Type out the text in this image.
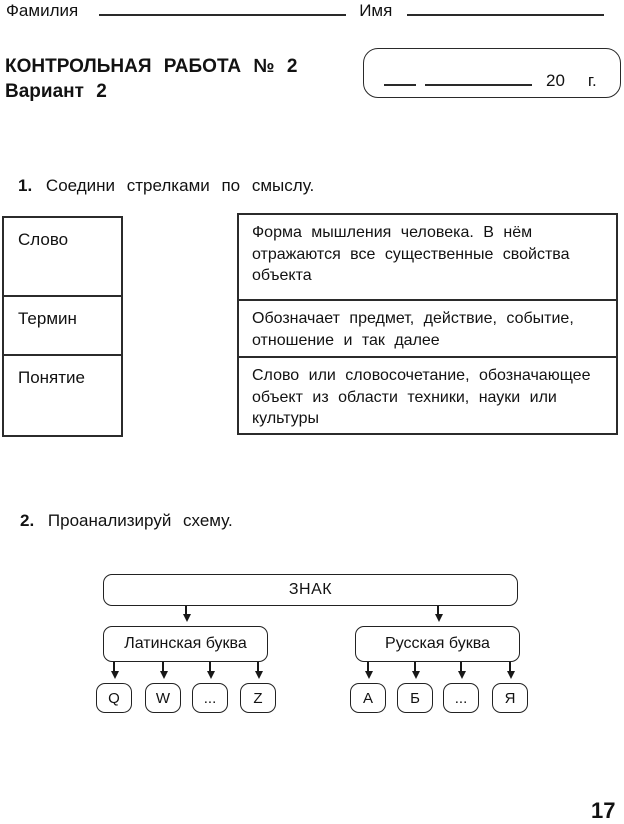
Фамилия	Имя
КОНТРОЛЬНАЯ РАБОТА № 2
Вариант 2
20 г.
1. Соедини стрелками по смыслу.
Слово
Термин
Понятие
Форма мышления человека. В нём отражаются все существенные свойства объекта
Обозначает предмет, действие, событие, отношение и так далее
Слово или словосочетание, обозначающее объект из области техники, науки или культуры
2. Проанализируй схему.
ЗНАК
Латинская буква	Русская буква
Q	W	...	Z	А	Б	...	Я
17
